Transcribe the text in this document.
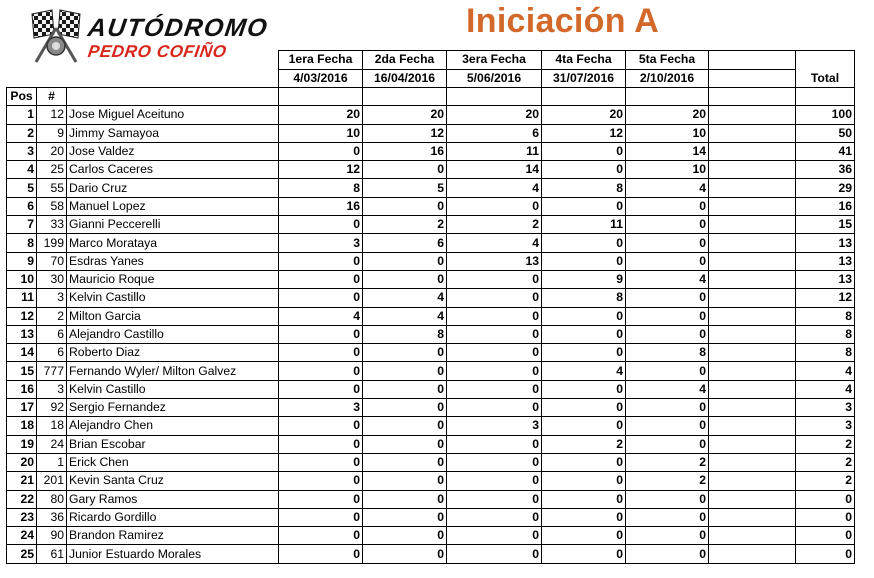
AUTÓDROMO
PEDRO COFIÑO
Iniciación A
			1era Fecha	2da Fecha	3era Fecha	4ta Fecha	5ta Fecha		Total
			4/03/2016	16/04/2016	5/06/2016	31/07/2016	2/10/2016		
Pos	#								
1	12	Jose Miguel Aceituno	20	20	20	20	20		100
2	9	Jimmy Samayoa	10	12	6	12	10		50
3	20	Jose Valdez	0	16	11	0	14		41
4	25	Carlos Caceres	12	0	14	0	10		36
5	55	Dario Cruz	8	5	4	8	4		29
6	58	Manuel Lopez	16	0	0	0	0		16
7	33	Gianni Peccerelli	0	2	2	11	0		15
8	199	Marco Morataya	3	6	4	0	0		13
9	70	Esdras Yanes	0	0	13	0	0		13
10	30	Mauricio Roque	0	0	0	9	4		13
11	3	Kelvin Castillo	0	4	0	8	0		12
12	2	Milton Garcia	4	4	0	0	0		8
13	6	Alejandro Castillo	0	8	0	0	0		8
14	6	Roberto Diaz	0	0	0	0	8		8
15	777	Fernando Wyler/ Milton Galvez	0	0	0	4	0		4
16	3	Kelvin Castillo	0	0	0	0	4		4
17	92	Sergio Fernandez	3	0	0	0	0		3
18	18	Alejandro Chen	0	0	3	0	0		3
19	24	Brian Escobar	0	0	0	2	0		2
20	1	Erick Chen	0	0	0	0	2		2
21	201	Kevin Santa Cruz	0	0	0	0	2		2
22	80	Gary Ramos	0	0	0	0	0		0
23	36	Ricardo Gordillo	0	0	0	0	0		0
24	90	Brandon Ramirez	0	0	0	0	0		0
25	61	Junior Estuardo Morales	0	0	0	0	0		0
